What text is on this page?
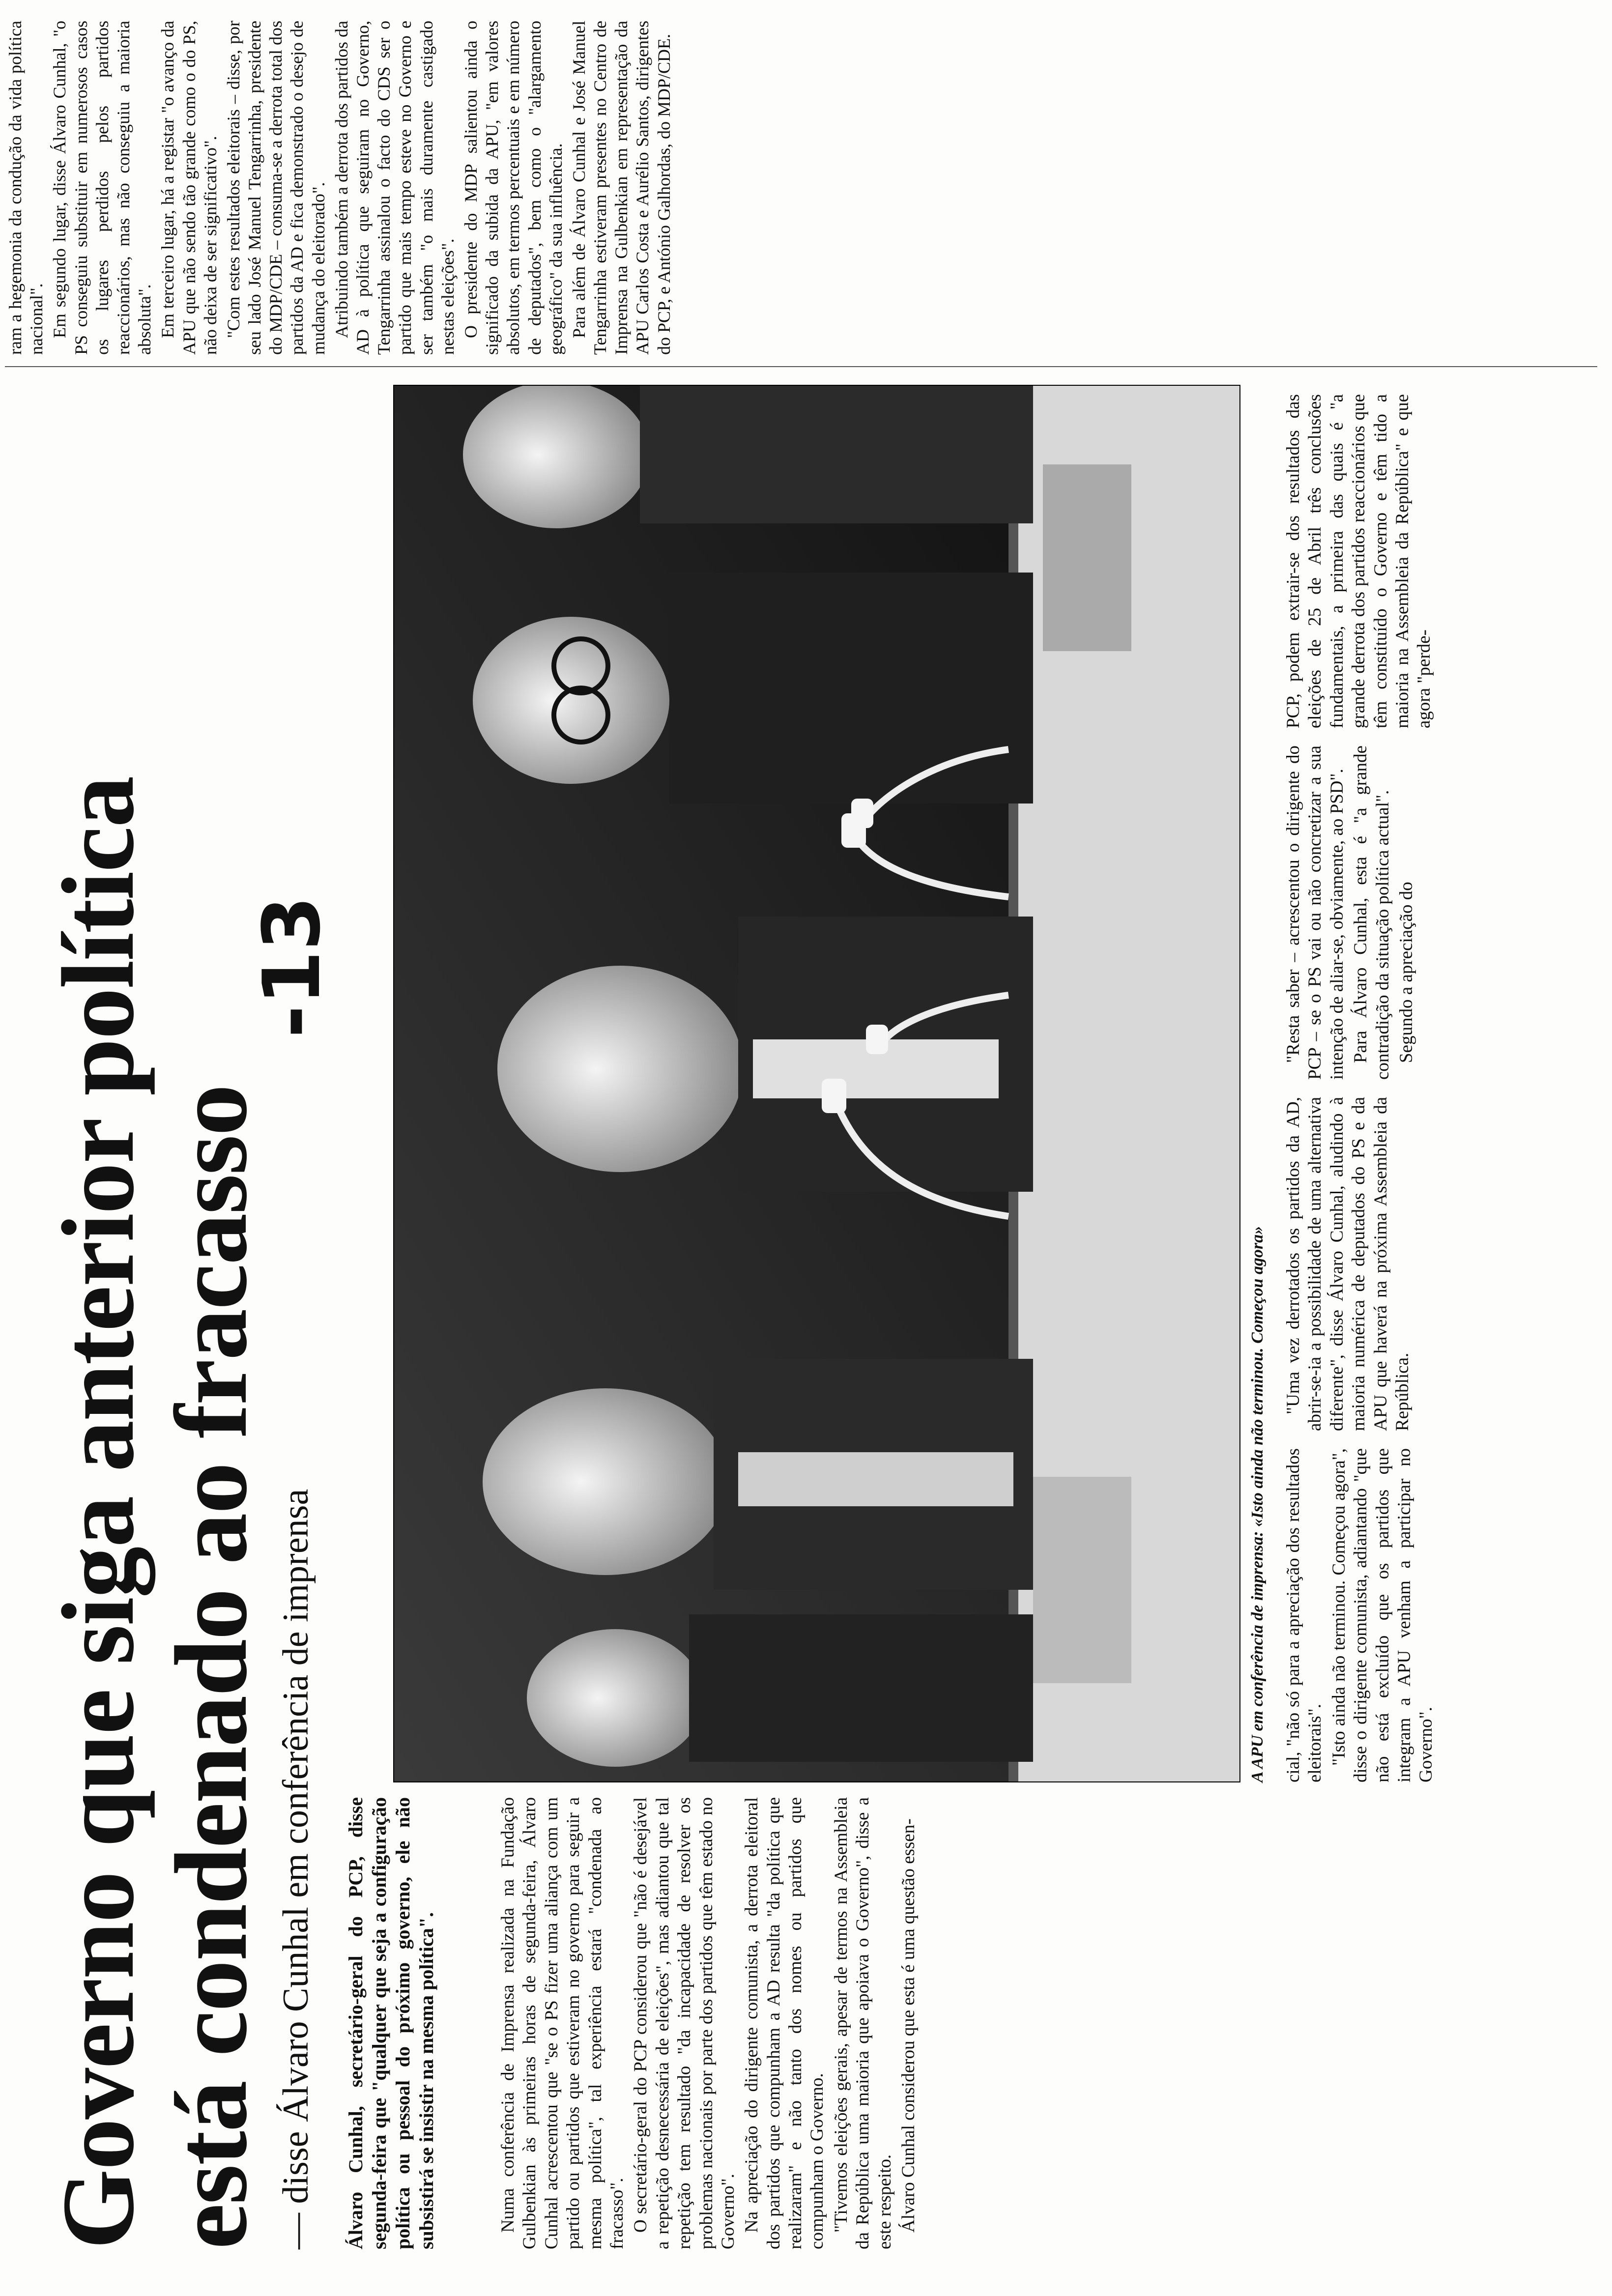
Governo que siga anterior política
está condenado ao fracasso
-13
— disse Álvaro Cunhal em conferência de imprensa Álvaro Cunhal, secretário-geral do PCP, disse segunda-feira que "qualquer que seja a configuração política ou pessoal do próximo governo, ele não subsistirá se insistir na mesma política".	Numa conferência de Imprensa realizada na Fundação Gulbenkian às primeiras horas de segunda-feira, Álvaro Cunhal acrescentou que "se o PS fizer uma aliança com um partido ou partidos que estiveram no governo para seguir a mesma política", tal experiência estará "condenada ao fracasso". O secretário-geral do PCP considerou que "não é desejável a repetição desnecessária de eleições", mas adiantou que tal repetição tem resultado "da incapacidade de resolver os problemas nacionais por parte dos partidos que têm estado no Governo". Na apreciação do dirigente comunista, a derrota eleitoral dos partidos que compunham a AD resulta "da política que realizaram" e não tanto dos nomes ou partidos que compunham o Governo. "Tivemos eleições gerais, apesar de termos na Assembleia da República uma maioria que apoiava o Governo", disse a este respeito. Álvaro Cunhal considerou que esta é uma questão essen-

A APU em conferência de imprensa: «Isto ainda não terminou. Começou agora» cial, "não só para a apreciação dos resultados eleitorais". "Isto ainda não terminou. Começou agora", disse o dirigente comunista, adiantando "que não está excluído que os partidos que integram a APU venham a participar no Governo".

"Uma vez derrotados os partidos da AD, abrir-se-ia a possibilidade de uma alternativa diferente", disse Álvaro Cunhal, aludindo à maioria numérica de deputados do PS e da APU que haverá na próxima Assembleia da República.

"Resta saber – acrescentou o dirigente do PCP – se o PS vai ou não concretizar a sua intenção de aliar-se, obviamente, ao PSD". Para Álvaro Cunhal, esta é "a grande contradição da situação política actual". Segundo a apreciação do

PCP, podem extrair-se dos resultados das eleições de 25 de Abril três conclusões fundamentais, a primeira das quais é "a grande derrota dos partidos reaccionários que têm constituído o Governo e têm tido a maioria na Assembleia da República" e que agora "perde-

ram a hegemonia da condução da vida política nacional". Em segundo lugar, disse Álvaro Cunhal, "o PS conseguiu substituir em numerosos casos os lugares perdidos pelos partidos reaccionários, mas não conseguiu a maioria absoluta". Em terceiro lugar, há a registar "o avanço da APU que não sendo tão grande como o do PS, não deixa de ser significativo". "Com estes resultados eleitorais – disse, por seu lado José Manuel Tengarrinha, presidente do MDP/CDE – consuma-se a derrota total dos partidos da AD e fica demonstrado o desejo de mudança do eleitorado". Atribuindo também a derrota dos partidos da AD à política que seguiram no Governo, Tengarrinha assinalou o facto do CDS ser o partido que mais tempo esteve no Governo e ser também "o mais duramente castigado nestas eleições". O presidente do MDP salientou ainda o significado da subida da APU, "em valores absolutos, em termos percentuais e em número de deputados", bem como o "alargamento geográfico" da sua influência. Para além de Álvaro Cunhal e José Manuel Tengarrinha estiveram presentes no Centro de Imprensa na Gulbenkian em representação da APU Carlos Costa e Aurélio Santos, dirigentes do PCP, e António Galhordas, do MDP/CDE.
